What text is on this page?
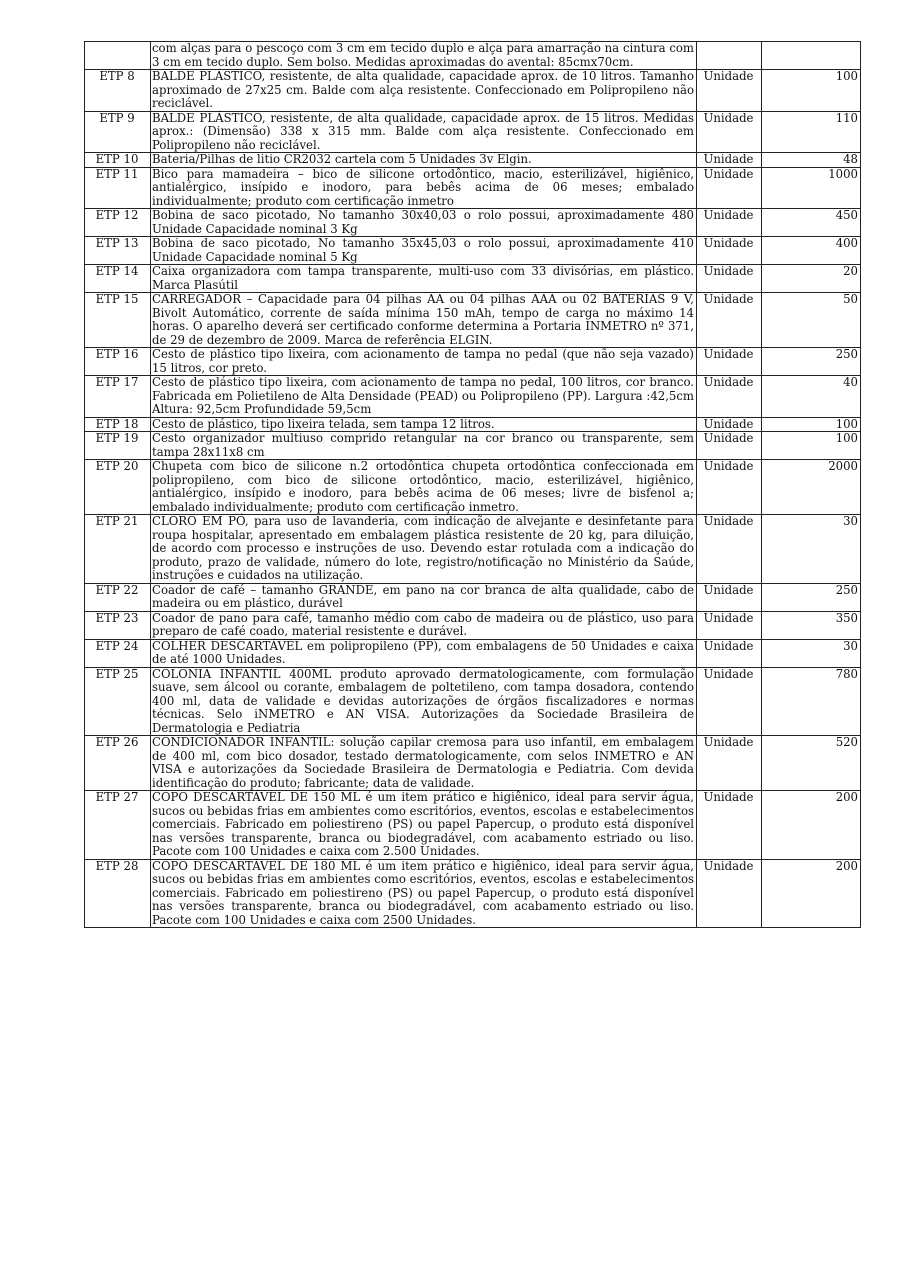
	com alças para o pescoço com 3 cm em tecido duplo e alça para amarração na cintura com 3 cm em tecido duplo. Sem bolso. Medidas aproximadas do avental: 85cmx70cm.		
ETP 8	BALDE PLÁSTICO, resistente, de alta qualidade, capacidade aprox. de 10 litros. Tamanho aproximado de 27x25 cm. Balde com alça resistente. Confeccionado em Polipropileno não reciclável.	Unidade	100
ETP 9	BALDE PLÁSTICO, resistente, de alta qualidade, capacidade aprox. de 15 litros. Medidas aprox.: (Dimensão) 338 x 315 mm. Balde com alça resistente. Confeccionado em Polipropileno não reciclável.	Unidade	110
ETP 10	Bateria/Pilhas de litio CR2032 cartela com 5 Unidades 3v Elgin.	Unidade	48
ETP 11	Bico para mamadeira – bico de silicone ortodôntico, macio, esterilizável, higiênico, antialérgico, insípido e inodoro, para bebês acima de 06 meses; embalado individualmente; produto com certificação inmetro	Unidade	1000
ETP 12	Bobina de saco picotado, No tamanho 30x40,03 o rolo possui, aproximadamente 480 Unidade Capacidade nominal 3 Kg	Unidade	450
ETP 13	Bobina de saco picotado, No tamanho 35x45,03 o rolo possui, aproximadamente 410 Unidade Capacidade nominal 5 Kg	Unidade	400
ETP 14	Caixa organizadora com tampa transparente, multi-uso com 33 divisórias, em plástico. Marca Plasútil	Unidade	20
ETP 15	CARREGADOR – Capacidade para 04 pilhas AA ou 04 pilhas AAA ou 02 BATERIAS 9 V, Bivolt Automático, corrente de saída mínima 150 mAh, tempo de carga no máximo 14 horas. O aparelho deverá ser certificado conforme determina a Portaria INMETRO nº 371, de 29 de dezembro de 2009. Marca de referência ELGIN.	Unidade	50
ETP 16	Cesto de plástico tipo lixeira, com acionamento de tampa no pedal (que não seja vazado) 15 litros, cor preto.	Unidade	250
ETP 17	Cesto de plástico tipo lixeira, com acionamento de tampa no pedal, 100 litros, cor branco. Fabricada em Polietileno de Alta Densidade (PEAD) ou Polipropileno (PP). Largura :42,5cm Altura: 92,5cm Profundidade 59,5cm	Unidade	40
ETP 18	Cesto de plástico, tipo lixeira telada, sem tampa 12 litros.	Unidade	100
ETP 19	Cesto organizador multiuso comprido retangular na cor branco ou transparente, sem tampa 28x11x8 cm	Unidade	100
ETP 20	Chupeta com bico de silicone n.2 ortodôntica chupeta ortodôntica confeccionada em polipropileno, com bico de silicone ortodôntico, macio, esterilizável, higiênico, antialérgico, insípido e inodoro, para bebês acima de 06 meses; livre de bisfenol a; embalado individualmente; produto com certificação inmetro.	Unidade	2000
ETP 21	CLORO EM PÓ, para uso de lavanderia, com indicação de alvejante e desinfetante para roupa hospitalar, apresentado em embalagem plástica resistente de 20 kg, para diluição, de acordo com processo e instruções de uso. Devendo estar rotulada com a indicação do produto, prazo de validade, número do lote, registro/notificação no Ministério da Saúde, instruções e cuidados na utilização.	Unidade	30
ETP 22	Coador de café – tamanho GRANDE, em pano na cor branca de alta qualidade, cabo de madeira ou em plástico, durável	Unidade	250
ETP 23	Coador de pano para café, tamanho médio com cabo de madeira ou de plástico, uso para preparo de café coado, material resistente e durável.	Unidade	350
ETP 24	COLHER DESCARTÁVEL em polipropileno (PP), com embalagens de 50 Unidades e caixa de até 1000 Unidades.	Unidade	30
ETP 25	COLONIA INFANTIL 400ML produto aprovado dermatologicamente, com formulação suave, sem álcool ou corante, embalagem de poltetileno, com tampa dosadora, contendo 400 ml, data de validade e devidas autorizações de órgãos fiscalizadores e normas técnicas. Selo iNMETRO e AN VISA. Autorizações da Sociedade Brasileira de Dermatologia e Pediatria	Unidade	780
ETP 26	CONDICIONADOR INFANTIL: solução capilar cremosa para uso infantil, em embalagem de 400 ml, com bico dosador, testado dermatologicamente, com selos INMETRO e AN VISA e autorizações da Sociedade Brasileira de Dermatologia e Pediatria. Com devida identificação do produto; fabricante; data de validade.	Unidade	520
ETP 27	COPO DESCARTÁVEL DE 150 ML é um item prático e higiênico, ideal para servir água, sucos ou bebidas frias em ambientes como escritórios, eventos, escolas e estabelecimentos comerciais. Fabricado em poliestireno (PS) ou papel Papercup, o produto está disponível nas versões transparente, branca ou biodegradável, com acabamento estriado ou liso. Pacote com 100 Unidades e caixa com 2.500 Unidades.	Unidade	200
ETP 28	COPO DESCARTÁVEL DE 180 ML é um item prático e higiênico, ideal para servir água, sucos ou bebidas frias em ambientes como escritórios, eventos, escolas e estabelecimentos comerciais. Fabricado em poliestireno (PS) ou papel Papercup, o produto está disponível nas versões transparente, branca ou biodegradável, com acabamento estriado ou liso. Pacote com 100 Unidades e caixa com 2500 Unidades.	Unidade	200
